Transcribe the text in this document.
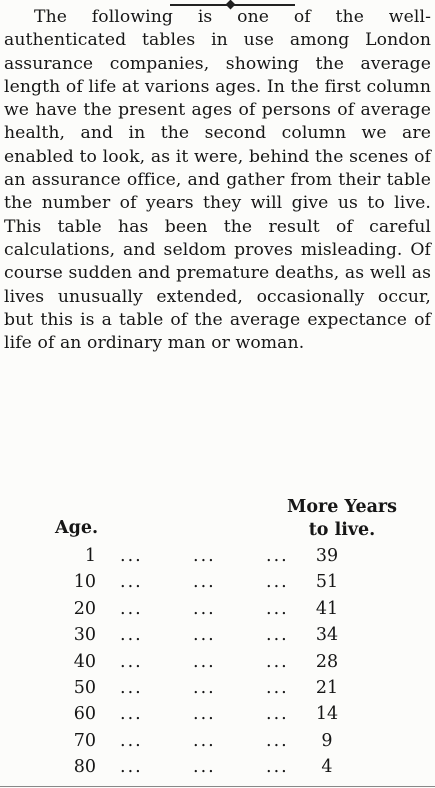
The following is one of the well-authenticated tables in use among London assurance companies, showing the average length of life at varions ages. In the first column we have the present ages of persons of average health, and in the second column we are enabled to look, as it were, behind the scenes of an assurance office, and gather from their table the number of years they will give us to live. This table has been the result of careful calculations, and seldom proves misleading. Of course sudden and premature deaths, as well as lives unusually extended, occasionally occur, but this is a table of the average expectance of life of an ordinary man or woman.

More Years
to live.
Age.
1 ...	...	...	39
10 ...	...	...	51
20 ...	...	...	41
30 ...	...	...	34
40 ...	...	...	28
50 ...	...	...	21
60 ...	...	...	14
70 ...	...	...	9
80 ...	...	...	4
